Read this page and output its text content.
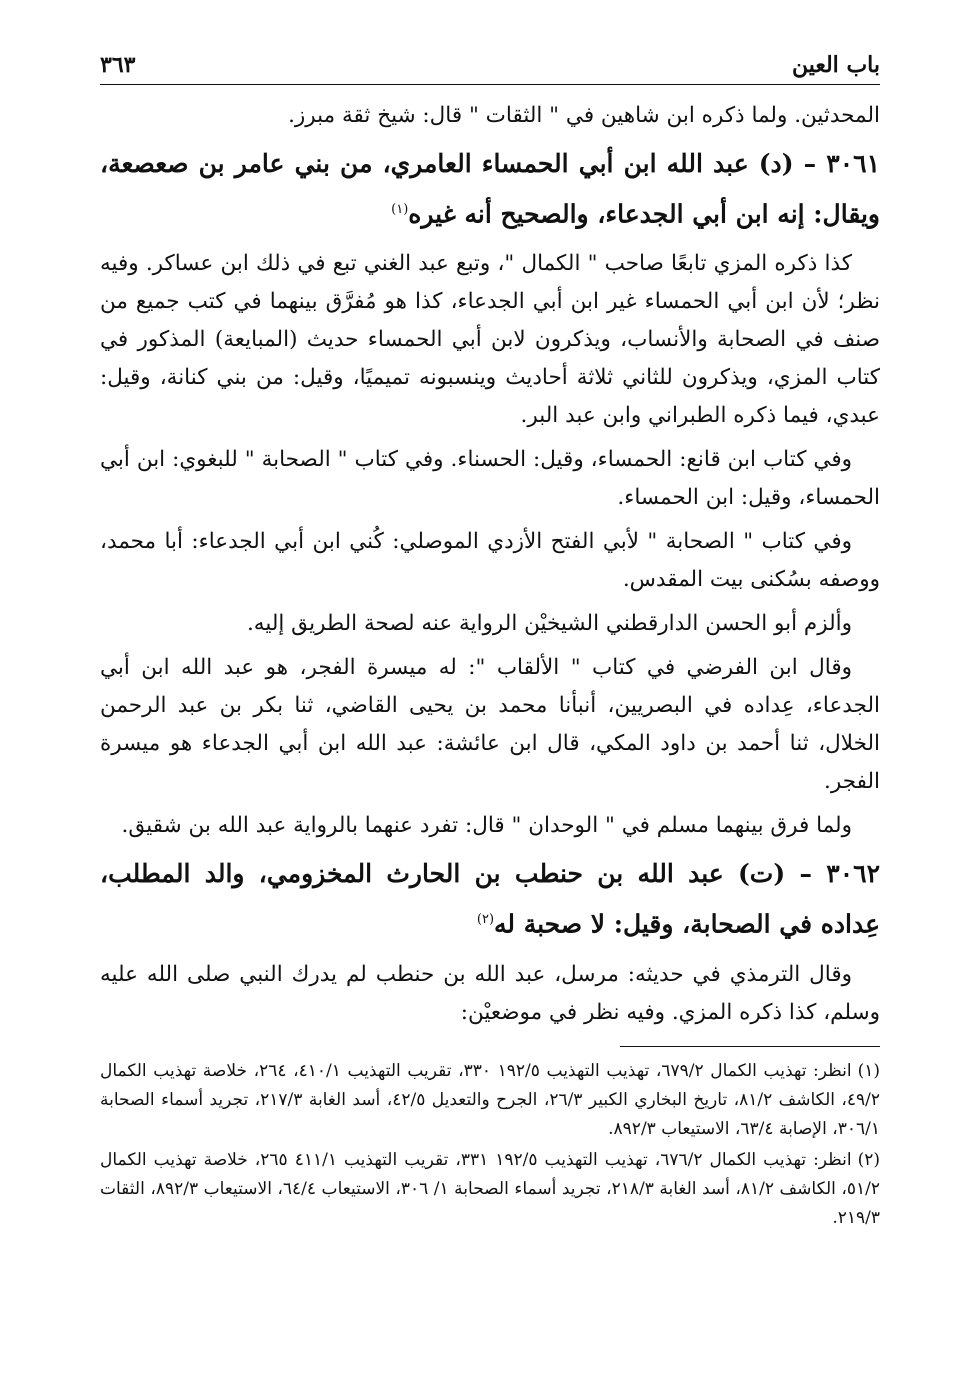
باب العين
٣٦٣

المحدثين. ولما ذكره ابن شاهين في " الثقات " قال: شيخ ثقة مبرز.

٣٠٦١ – (د) عبد الله ابن أبي الحمساء العامري، من بني عامر بن صعصعة، ويقال: إنه ابن أبي الجدعاء، والصحيح أنه غيره$^{(١)}$

كذا ذكره المزي تابعًا صاحب " الكمال "، وتبع عبد الغني تبع في ذلك ابن عساكر. وفيه نظر؛ لأن ابن أبي الحمساء غير ابن أبي الجدعاء، كذا هو مُفرَّق بينهما في كتب جميع من صنف في الصحابة والأنساب، ويذكرون لابن أبي الحمساء حديث (المبايعة) المذكور في كتاب المزي، ويذكرون للثاني ثلاثة أحاديث وينسبونه تميميًا، وقيل: من بني كنانة، وقيل: عبدي، فيما ذكره الطبراني وابن عبد البر.

وفي كتاب ابن قانع: الحمساء، وقيل: الحسناء. وفي كتاب " الصحابة " للبغوي: ابن أبي الحمساء، وقيل: ابن الحمساء.

وفي كتاب " الصحابة " لأبي الفتح الأزدي الموصلي: كُني ابن أبي الجدعاء: أبا محمد، ووصفه بسُكنى بيت المقدس.

وألزم أبو الحسن الدارقطني الشيخيْن الرواية عنه لصحة الطريق إليه.

وقال ابن الفرضي في كتاب " الألقاب ": له ميسرة الفجر، هو عبد الله ابن أبي الجدعاء، عِداده في البصريين، أنبأنا محمد بن يحيى القاضي، ثنا بكر بن عبد الرحمن الخلال، ثنا أحمد بن داود المكي، قال ابن عائشة: عبد الله ابن أبي الجدعاء هو ميسرة الفجر.

ولما فرق بينهما مسلم في " الوحدان " قال: تفرد عنهما بالرواية عبد الله بن شقيق.

٣٠٦٢ – (ت) عبد الله بن حنطب بن الحارث المخزومي، والد المطلب، عِداده في الصحابة، وقيل: لا صحبة له$^{(٢)}$

وقال الترمذي في حديثه: مرسل، عبد الله بن حنطب لم يدرك النبي صلى الله عليه وسلم، كذا ذكره المزي. وفيه نظر في موضعيْن:

(١)انظر: تهذيب الكمال ٦٧٩/٢، تهذيب التهذيب ١٩٢/٥ ٣٣٠، تقريب التهذيب ٤١٠/١، ٢٦٤، خلاصة تهذيب الكمال ٤٩/٢، الكاشف ٨١/٢، تاريخ البخاري الكبير ٢٦/٣، الجرح والتعديل ٤٢/٥، أسد الغابة ٢١٧/٣، تجريد أسماء الصحابة ٣٠٦/١، الإصابة ٦٣/٤، الاستيعاب ٨٩٢/٣.

(٢)انظر: تهذيب الكمال ٦٧٦/٢، تهذيب التهذيب ١٩٢/٥ ٣٣١، تقريب التهذيب ٤١١/١ ٢٦٥، خلاصة تهذيب الكمال ٥١/٢، الكاشف ٨١/٢، أسد الغابة ٢١٨/٣، تجريد أسماء الصحابة ١/ ٣٠٦، الاستيعاب ٦٤/٤، الاستيعاب ٨٩٢/٣، الثقات ٢١٩/٣.
